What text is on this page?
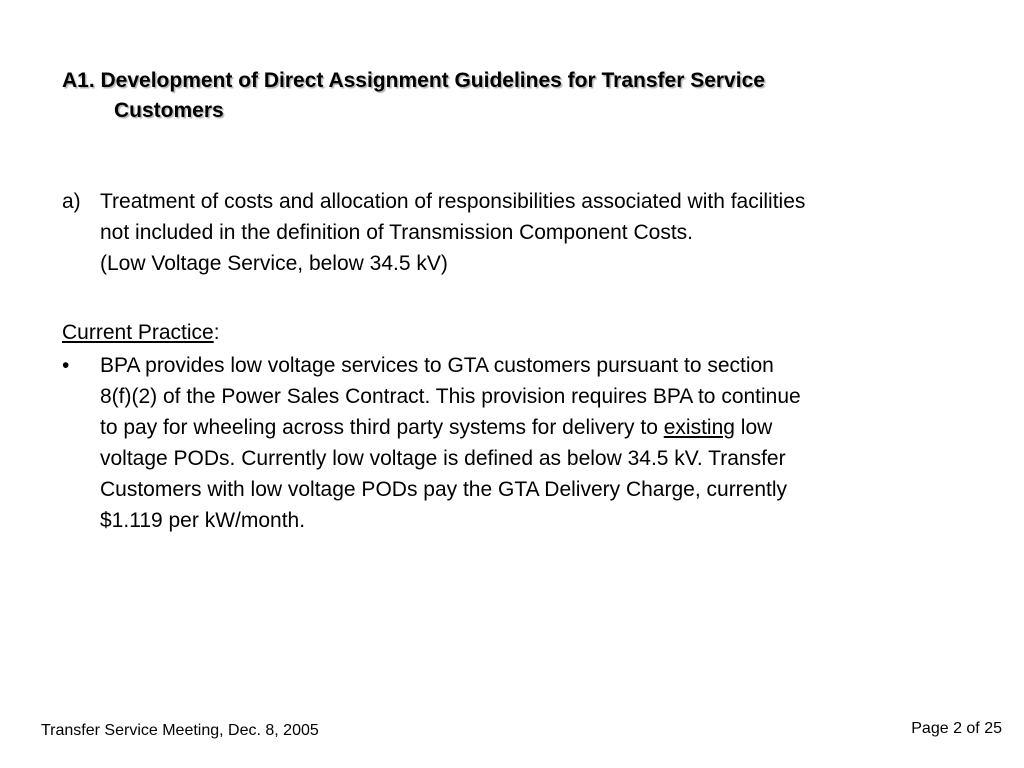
A1. Development of Direct Assignment Guidelines for Transfer Service
Customers
a) Treatment of costs and allocation of responsibilities associated with facilities
not included in the definition of Transmission Component Costs.
(Low Voltage Service, below 34.5 kV)
Current Practice:
• BPA provides low voltage services to GTA customers pursuant to section
8(f)(2) of the Power Sales Contract. This provision requires BPA to continue
to pay for wheeling across third party systems for delivery to existing low
voltage PODs. Currently low voltage is defined as below 34.5 kV. Transfer
Customers with low voltage PODs pay the GTA Delivery Charge, currently
$1.119 per kW/month.
Transfer Service Meeting, Dec. 8, 2005	Page 2 of 25
